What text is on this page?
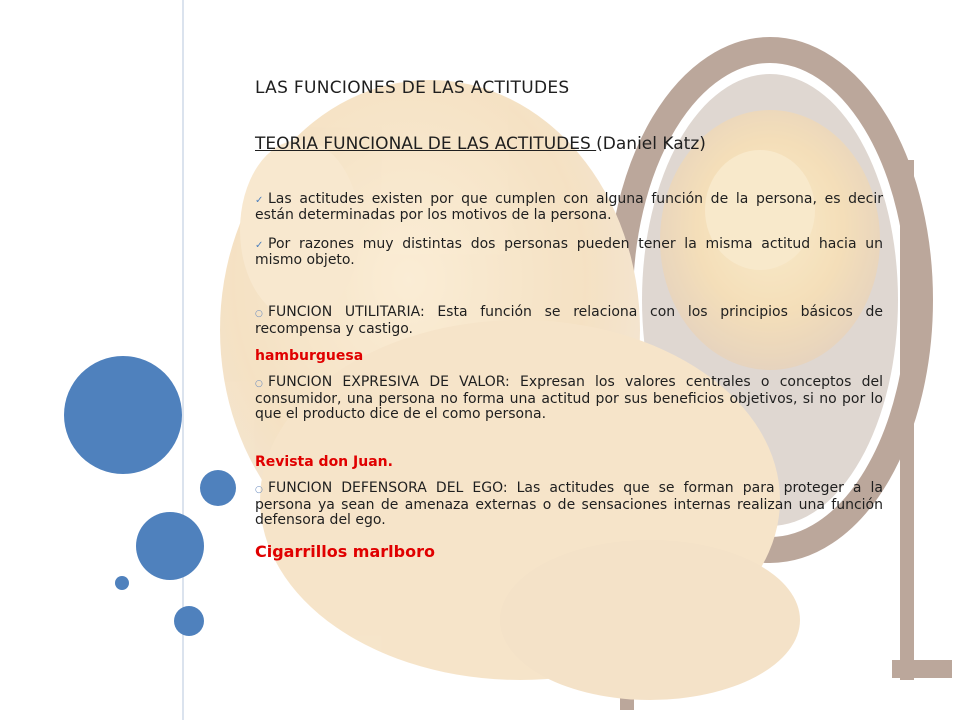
LAS FUNCIONES DE LAS ACTITUDES
TEORIA FUNCIONAL DE LAS ACTITUDES (Daniel Katz)
✓ Las actitudes existen por que cumplen con alguna función de la persona, es decir están determinadas por los motivos de la persona.
✓ Por razones muy distintas dos personas pueden tener la misma actitud hacia un mismo objeto.
○ FUNCION UTILITARIA: Esta función se relaciona con los principios básicos de recompensa y castigo.
hamburguesa
○ FUNCION EXPRESIVA DE VALOR: Expresan los valores centrales o conceptos del consumidor, una persona no forma una actitud por sus beneficios objetivos, si no por lo que el producto dice de el como persona.
Revista don Juan.
○ FUNCION DEFENSORA DEL EGO: Las actitudes que se forman para proteger a la persona ya sean de amenaza externas o de sensaciones internas realizan una función defensora del ego.
Cigarrillos marlboro
